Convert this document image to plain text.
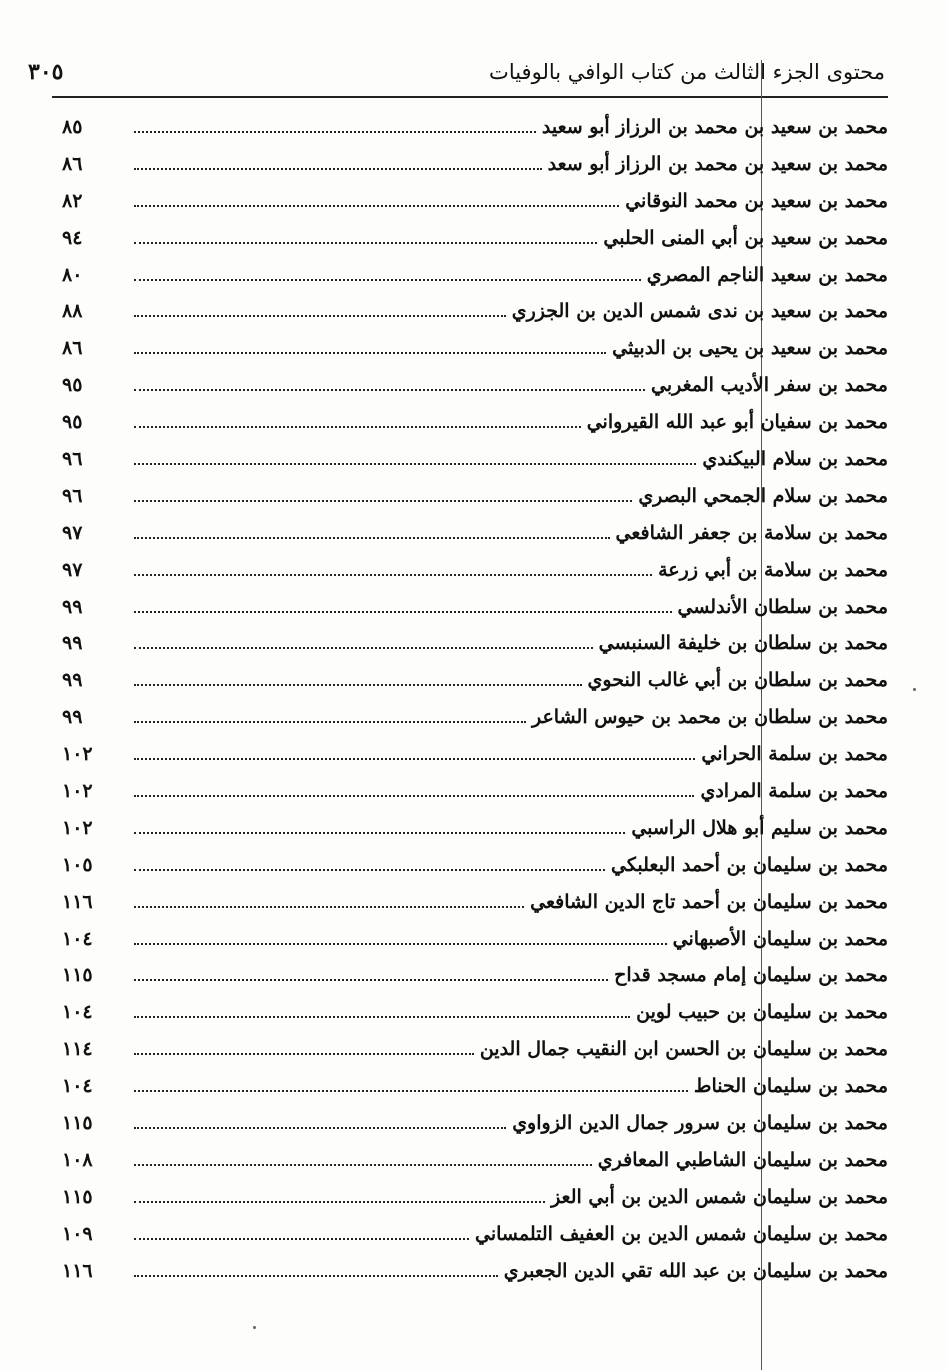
محتوى الجزء الثالث من كتاب الوافي بالوفيات
٣٠٥
محمد بن سعيد بن محمد بن الرزاز أبو سعيد
٨٥
محمد بن سعيد بن محمد بن الرزاز أبو سعد
٨٦
محمد بن سعيد بن محمد النوقاني
٨٢
محمد بن سعيد بن أبي المنى الحلبي
٩٤
محمد بن سعيد الناجم المصري
٨٠
محمد بن سعيد بن ندى شمس الدين بن الجزري
٨٨
محمد بن سعيد بن يحيى بن الدبيثي
٨٦
محمد بن سفر الأديب المغربي
٩٥
محمد بن سفيان أبو عبد الله القيرواني
٩٥
محمد بن سلام البيكندي
٩٦
محمد بن سلام الجمحي البصري
٩٦
محمد بن سلامة بن جعفر الشافعي
٩٧
محمد بن سلامة بن أبي زرعة
٩٧
محمد بن سلطان الأندلسي
٩٩
محمد بن سلطان بن خليفة السنبسي
٩٩
محمد بن سلطان بن أبي غالب النحوي
٩٩
محمد بن سلطان بن محمد بن حيوس الشاعر
٩٩
محمد بن سلمة الحراني
١٠٢
محمد بن سلمة المرادي
١٠٢
محمد بن سليم أبو هلال الراسبي
١٠٢
محمد بن سليمان بن أحمد البعلبكي
١٠٥
محمد بن سليمان بن أحمد تاج الدين الشافعي
١١٦
محمد بن سليمان الأصبهاني
١٠٤
محمد بن سليمان إمام مسجد قداح
١١٥
محمد بن سليمان بن حبيب لوين
١٠٤
محمد بن سليمان بن الحسن ابن النقيب جمال الدين
١١٤
محمد بن سليمان الحناط
١٠٤
محمد بن سليمان بن سرور جمال الدين الزواوي
١١٥
محمد بن سليمان الشاطبي المعافري
١٠٨
محمد بن سليمان شمس الدين بن أبي العز
١١٥
محمد بن سليمان شمس الدين بن العفيف التلمساني
١٠٩
محمد بن سليمان بن عبد الله تقي الدين الجعبري
١١٦
